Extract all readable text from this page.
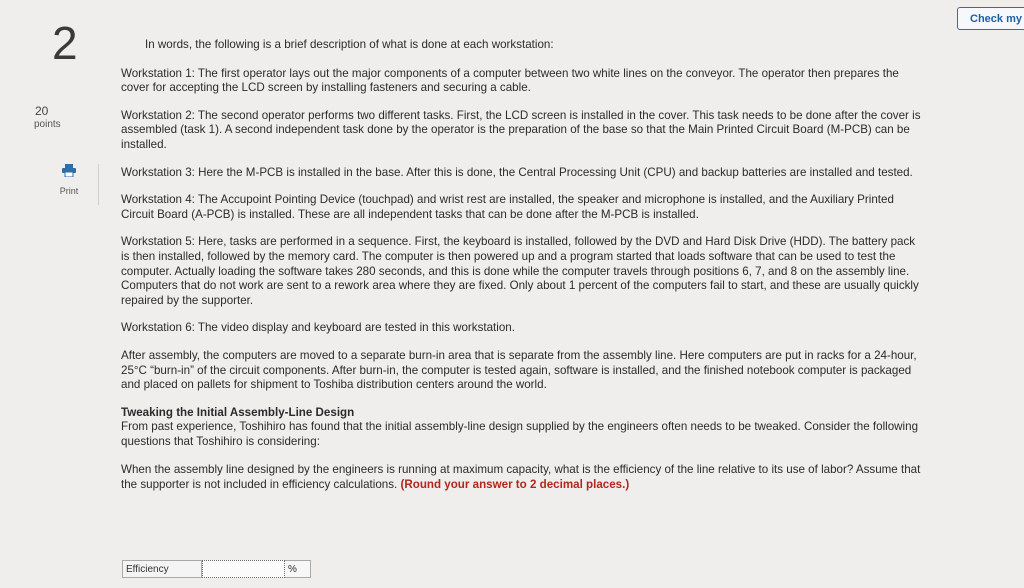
2
20
points
Print
Check my

In words, the following is a brief description of what is done at each workstation:

Workstation 1: The first operator lays out the major components of a computer between two white lines on the conveyor. The operator then prepares the cover for accepting the LCD screen by installing fasteners and securing a cable.

Workstation 2: The second operator performs two different tasks. First, the LCD screen is installed in the cover. This task needs to be done after the cover is assembled (task 1). A second independent task done by the operator is the preparation of the base so that the Main Printed Circuit Board (M-PCB) can be installed.

Workstation 3: Here the M-PCB is installed in the base. After this is done, the Central Processing Unit (CPU) and backup batteries are installed and tested.

Workstation 4: The Accupoint Pointing Device (touchpad) and wrist rest are installed, the speaker and microphone is installed, and the Auxiliary Printed Circuit Board (A-PCB) is installed. These are all independent tasks that can be done after the M-PCB is installed.

Workstation 5: Here, tasks are performed in a sequence. First, the keyboard is installed, followed by the DVD and Hard Disk Drive (HDD). The battery pack is then installed, followed by the memory card. The computer is then powered up and a program started that loads software that can be used to test the computer. Actually loading the software takes 280 seconds, and this is done while the computer travels through positions 6, 7, and 8 on the assembly line. Computers that do not work are sent to a rework area where they are fixed. Only about 1 percent of the computers fail to start, and these are usually quickly repaired by the supporter.

Workstation 6: The video display and keyboard are tested in this workstation.

After assembly, the computers are moved to a separate burn-in area that is separate from the assembly line. Here computers are put in racks for a 24-hour, 25°C “burn-in” of the circuit components. After burn-in, the computer is tested again, software is installed, and the finished notebook computer is packaged and placed on pallets for shipment to Toshiba distribution centers around the world.

Tweaking the Initial Assembly-Line Design
From past experience, Toshihiro has found that the initial assembly-line design supplied by the engineers often needs to be tweaked. Consider the following questions that Toshihiro is considering:

When the assembly line designed by the engineers is running at maximum capacity, what is the efficiency of the line relative to its use of labor? Assume that the supporter is not included in efficiency calculations. (Round your answer to 2 decimal places.)

Efficiency	%
